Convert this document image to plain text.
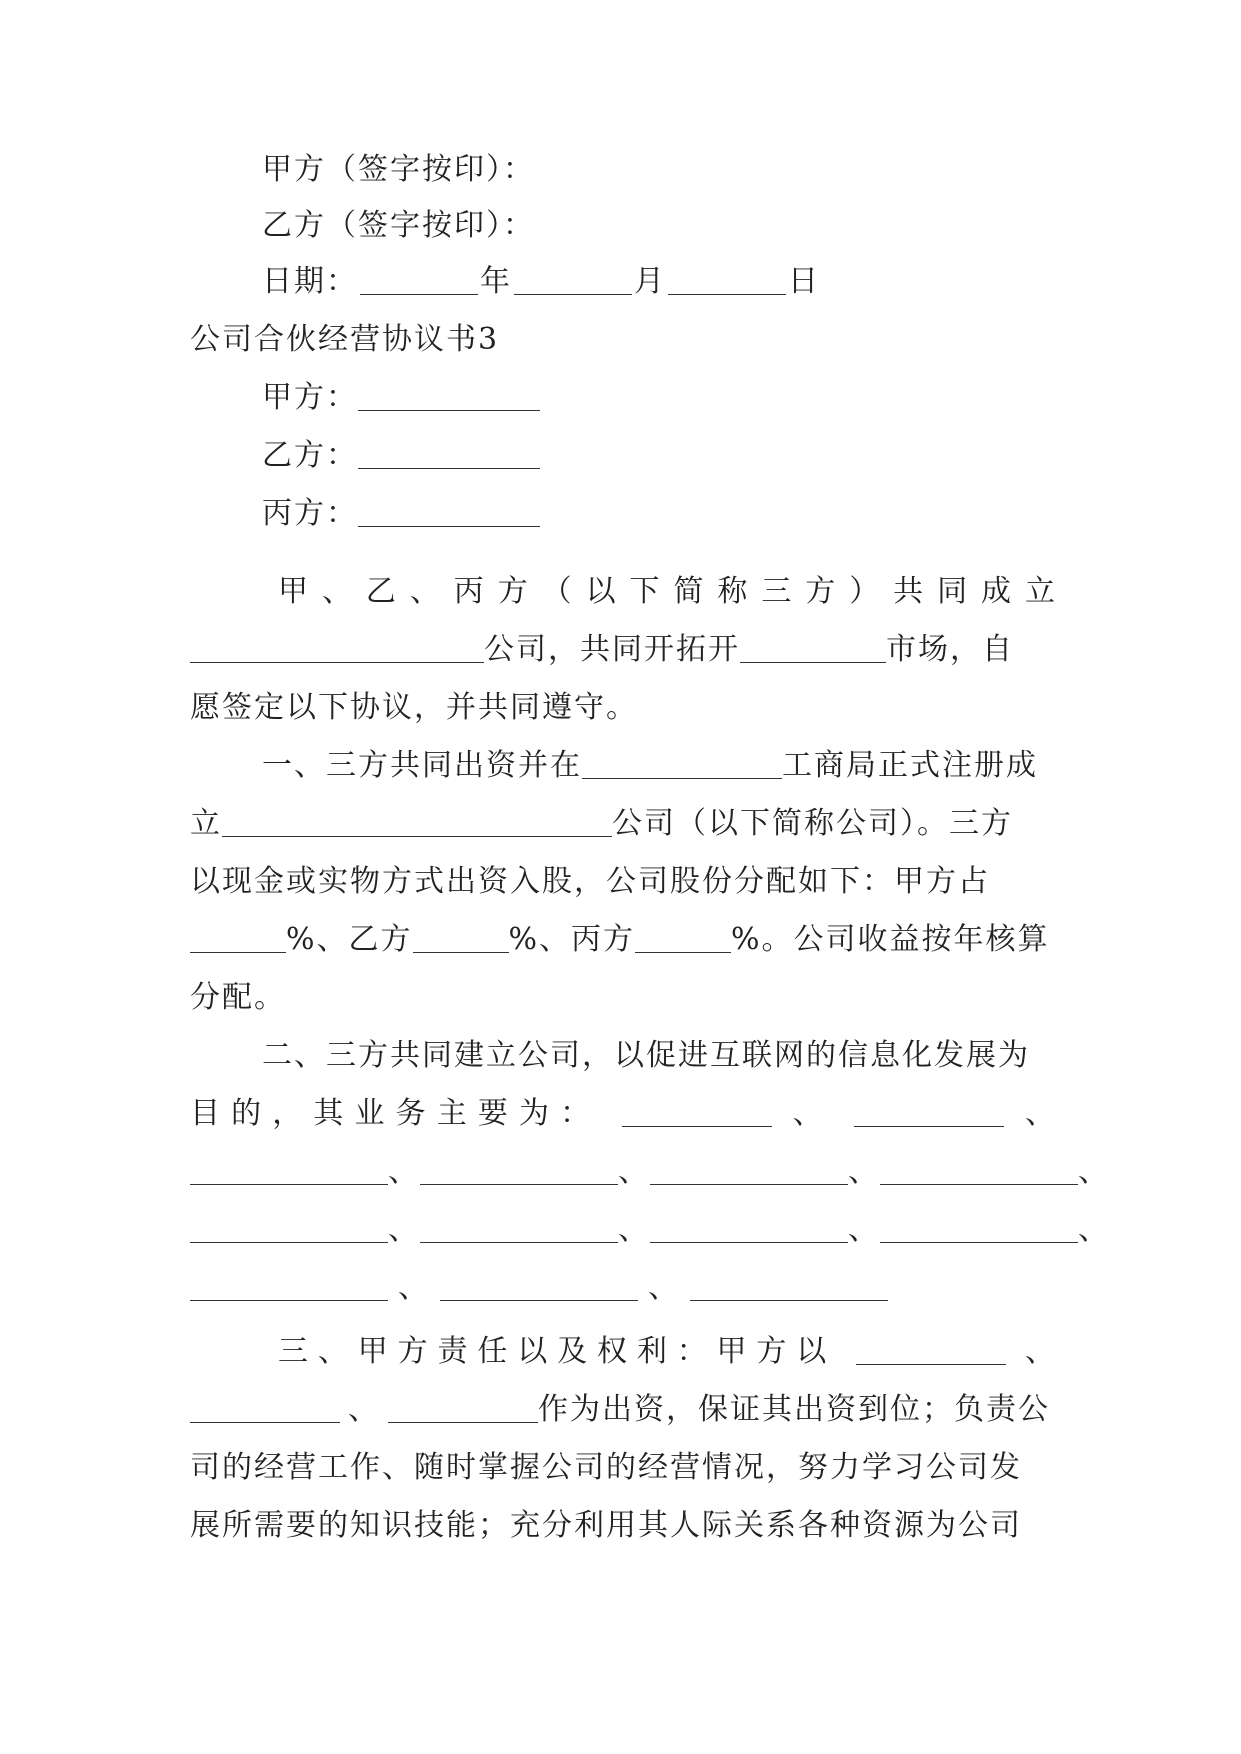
甲方（签字按印）：
乙方（签字按印）：
日期：	年	月	日
公司合伙经营协议书3
甲方：
乙方：
丙方：
甲、乙、丙方（以下简称三方）共同成立
公司，共同开拓开	市场，自
愿签定以下协议，并共同遵守。
一、三方共同出资并在	工商局正式注册成
立	公司（以下简称公司）。三方
以现金或实物方式出资入股，公司股份分配如下：甲方占
%、乙方	%、丙方	%。公司收益按年核算
分配。
二、三方共同建立公司，以促进互联网的信息化发展为
目的，其业务主要为：	、	、
、	、	、	、
、	、	、	、
、	、
三、甲方责任以及权利：甲方以	、
、	作为出资，保证其出资到位；负责公
司的经营工作、随时掌握公司的经营情况，努力学习公司发
展所需要的知识技能；充分利用其人际关系各种资源为公司
